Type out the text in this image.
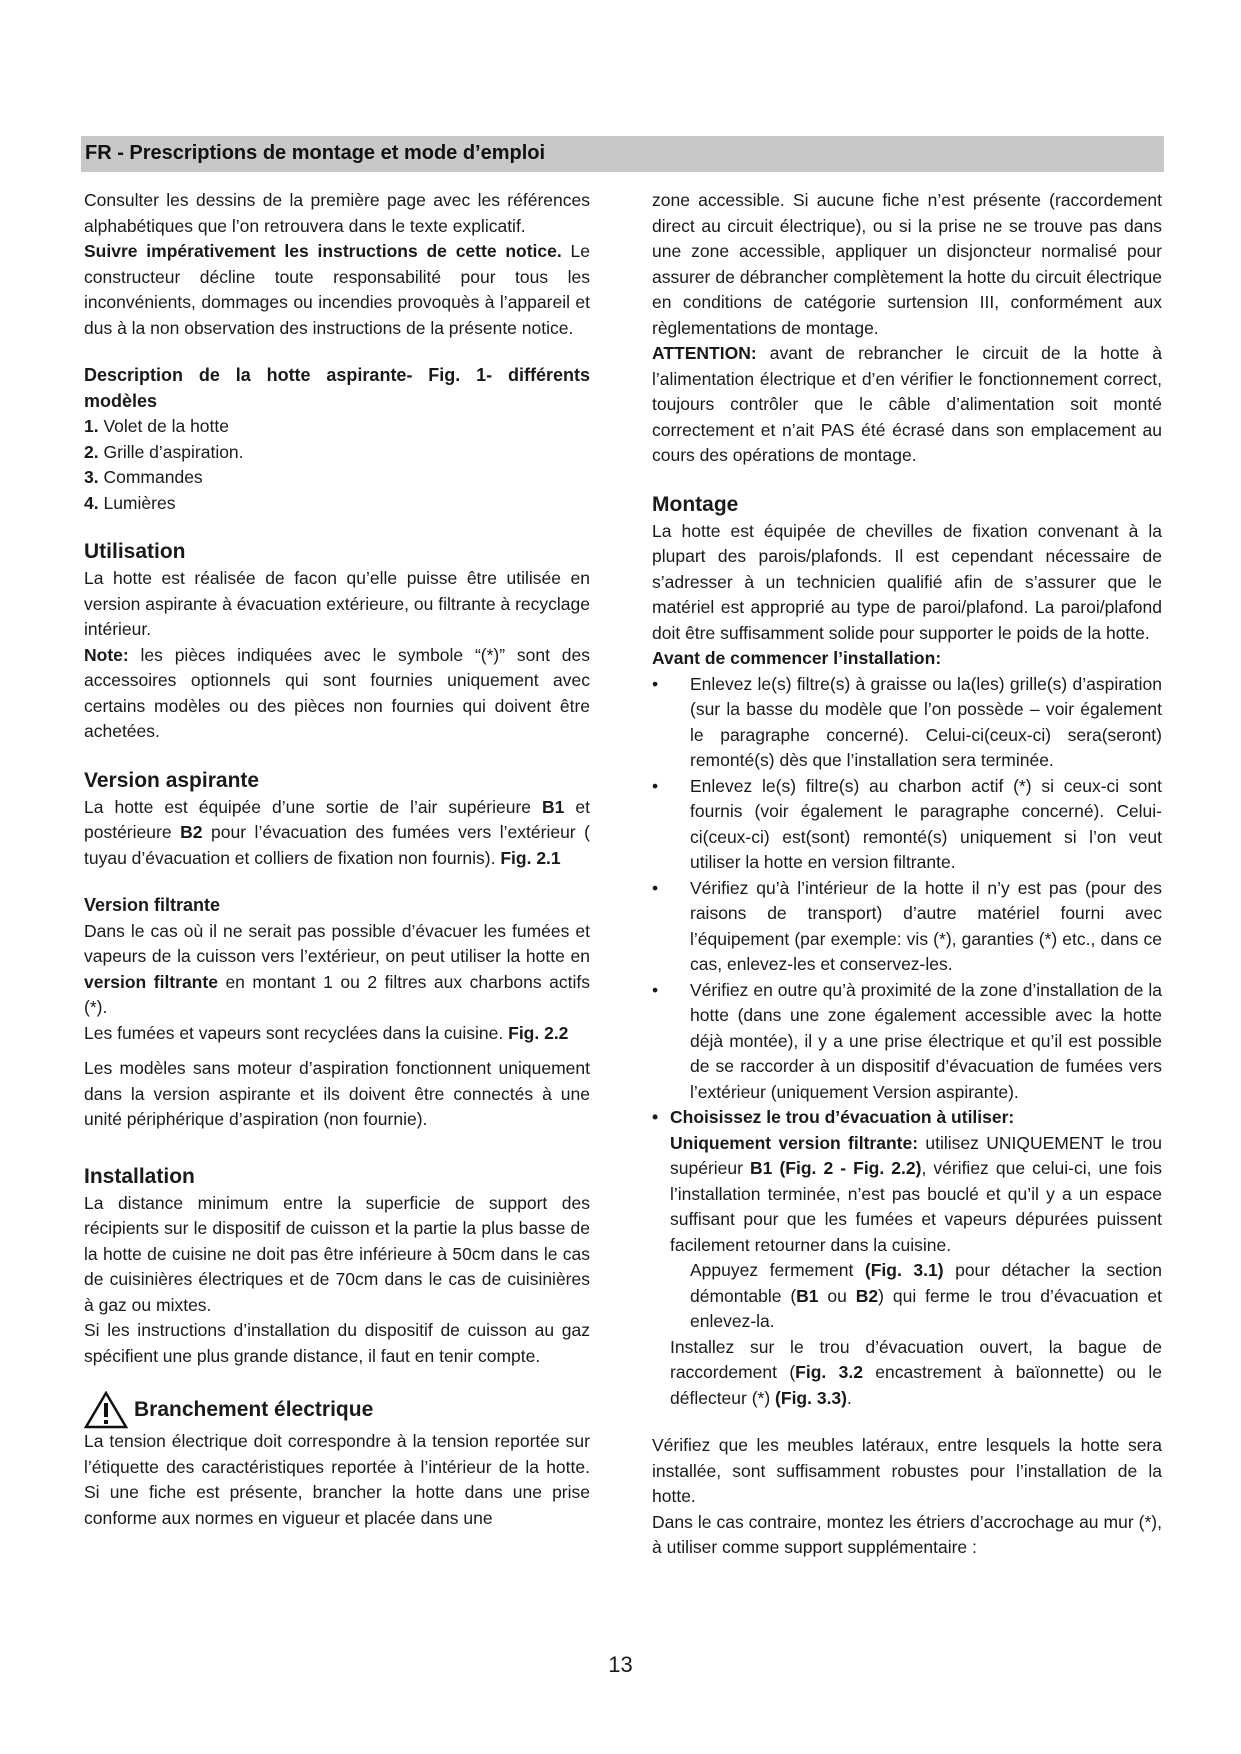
FR - Prescriptions de montage et mode d’emploi

Consulter les dessins de la première page avec les références alphabétiques que l’on retrouvera dans le texte explicatif.
Suivre impérativement les instructions de cette notice. Le constructeur décline toute responsabilité pour tous les inconvénients, dommages ou incendies provoquès à l’appareil et dus à la non observation des instructions de la présente notice.

Description de la hotte aspirante- Fig. 1- différents modèles

1. Volet de la hotte

2. Grille d’aspiration.

3. Commandes

4. Lumières

Utilisation

La hotte est réalisée de facon qu’elle puisse être utilisée en version aspirante à évacuation extérieure, ou filtrante à recyclage intérieur.

Note: les pièces indiquées avec le symbole “(*)” sont des accessoires optionnels qui sont fournies uniquement avec certains modèles ou des pièces non fournies qui doivent être achetées.

Version aspirante

La hotte est équipée d’une sortie de l’air supérieure B1 et postérieure B2 pour l’évacuation des fumées vers l’extérieur ( tuyau d’évacuation et colliers de fixation non fournis). Fig. 2.1

Version filtrante

Dans le cas où il ne serait pas possible d’évacuer les fumées et vapeurs de la cuisson vers l’extérieur, on peut utiliser la hotte en version filtrante en montant 1 ou 2 filtres aux charbons actifs (*).

Les fumées et vapeurs sont recyclées dans la cuisine. Fig. 2.2

Les modèles sans moteur d’aspiration fonctionnent uniquement dans la version aspirante et ils doivent être connectés à une unité périphérique d’aspiration (non fournie).

Installation

La distance minimum entre la superficie de support des récipients sur le dispositif de cuisson et la partie la plus basse de la hotte de cuisine ne doit pas être inférieure à 50cm dans le cas de cuisinières électriques et de 70cm dans le cas de cuisinières à gaz ou mixtes.

Si les instructions d’installation du dispositif de cuisson au gaz spécifient une plus grande distance, il faut en tenir compte.

Branchement électrique

La tension électrique doit correspondre à la tension reportée sur l’étiquette des caractéristiques reportée à l’intérieur de la hotte. Si une fiche est présente, brancher la hotte dans une prise conforme aux normes en vigueur et placée dans une

zone accessible. Si aucune fiche n’est présente (raccordement direct au circuit électrique), ou si la prise ne se trouve pas dans une zone accessible, appliquer un disjoncteur normalisé pour assurer de débrancher complètement la hotte du circuit électrique en conditions de catégorie surtension III, conformément aux règlementations de montage.

ATTENTION: avant de rebrancher le circuit de la hotte à l’alimentation électrique et d’en vérifier le fonctionnement correct, toujours contrôler que le câble d’alimentation soit monté correctement et n’ait PAS été écrasé dans son emplacement au cours des opérations de montage.

Montage

La hotte est équipée de chevilles de fixation convenant à la plupart des parois/plafonds. Il est cependant nécessaire de s’adresser à un technicien qualifié afin de s’assurer que le matériel est approprié au type de paroi/plafond. La paroi/plafond doit être suffisamment solide pour supporter le poids de la hotte.

Avant de commencer l’installation:

• Enlevez le(s) filtre(s) à graisse ou la(les) grille(s) d’aspiration (sur la basse du modèle que l’on possède – voir également le paragraphe concerné). Celui-ci(ceux-ci) sera(seront) remonté(s) dès que l’installation sera terminée.

• Enlevez le(s) filtre(s) au charbon actif (*) si ceux-ci sont fournis (voir également le paragraphe concerné). Celui-ci(ceux-ci) est(sont) remonté(s) uniquement si l’on veut utiliser la hotte en version filtrante.

• Vérifiez qu’à l’intérieur de la hotte il n’y est pas (pour des raisons de transport) d’autre matériel fourni avec l’équipement (par exemple: vis (*), garanties (*) etc., dans ce cas, enlevez-les et conservez-les.

• Vérifiez en outre qu’à proximité de la zone d’installation de la hotte (dans une zone également accessible avec la hotte déjà montée), il y a une prise électrique et qu’il est possible de se raccorder à un dispositif d’évacuation de fumées vers l’extérieur (uniquement Version aspirante).

• Choisissez le trou d’évacuation à utiliser:

Uniquement version filtrante: utilisez UNIQUEMENT le trou supérieur B1 (Fig. 2 - Fig. 2.2), vérifiez que celui-ci, une fois l’installation terminée, n’est pas bouclé et qu’il y a un espace suffisant pour que les fumées et vapeurs dépurées puissent facilement retourner dans la cuisine.

Appuyez fermement (Fig. 3.1) pour détacher la section démontable (B1 ou B2) qui ferme le trou d’évacuation et enlevez-la.

Installez sur le trou d’évacuation ouvert, la bague de raccordement (Fig. 3.2 encastrement à baïonnette) ou le déflecteur (*) (Fig. 3.3).

Vérifiez que les meubles latéraux, entre lesquels la hotte sera installée, sont suffisamment robustes pour l’installation de la hotte.

Dans le cas contraire, montez les étriers d’accrochage au mur (*), à utiliser comme support supplémentaire :

13
